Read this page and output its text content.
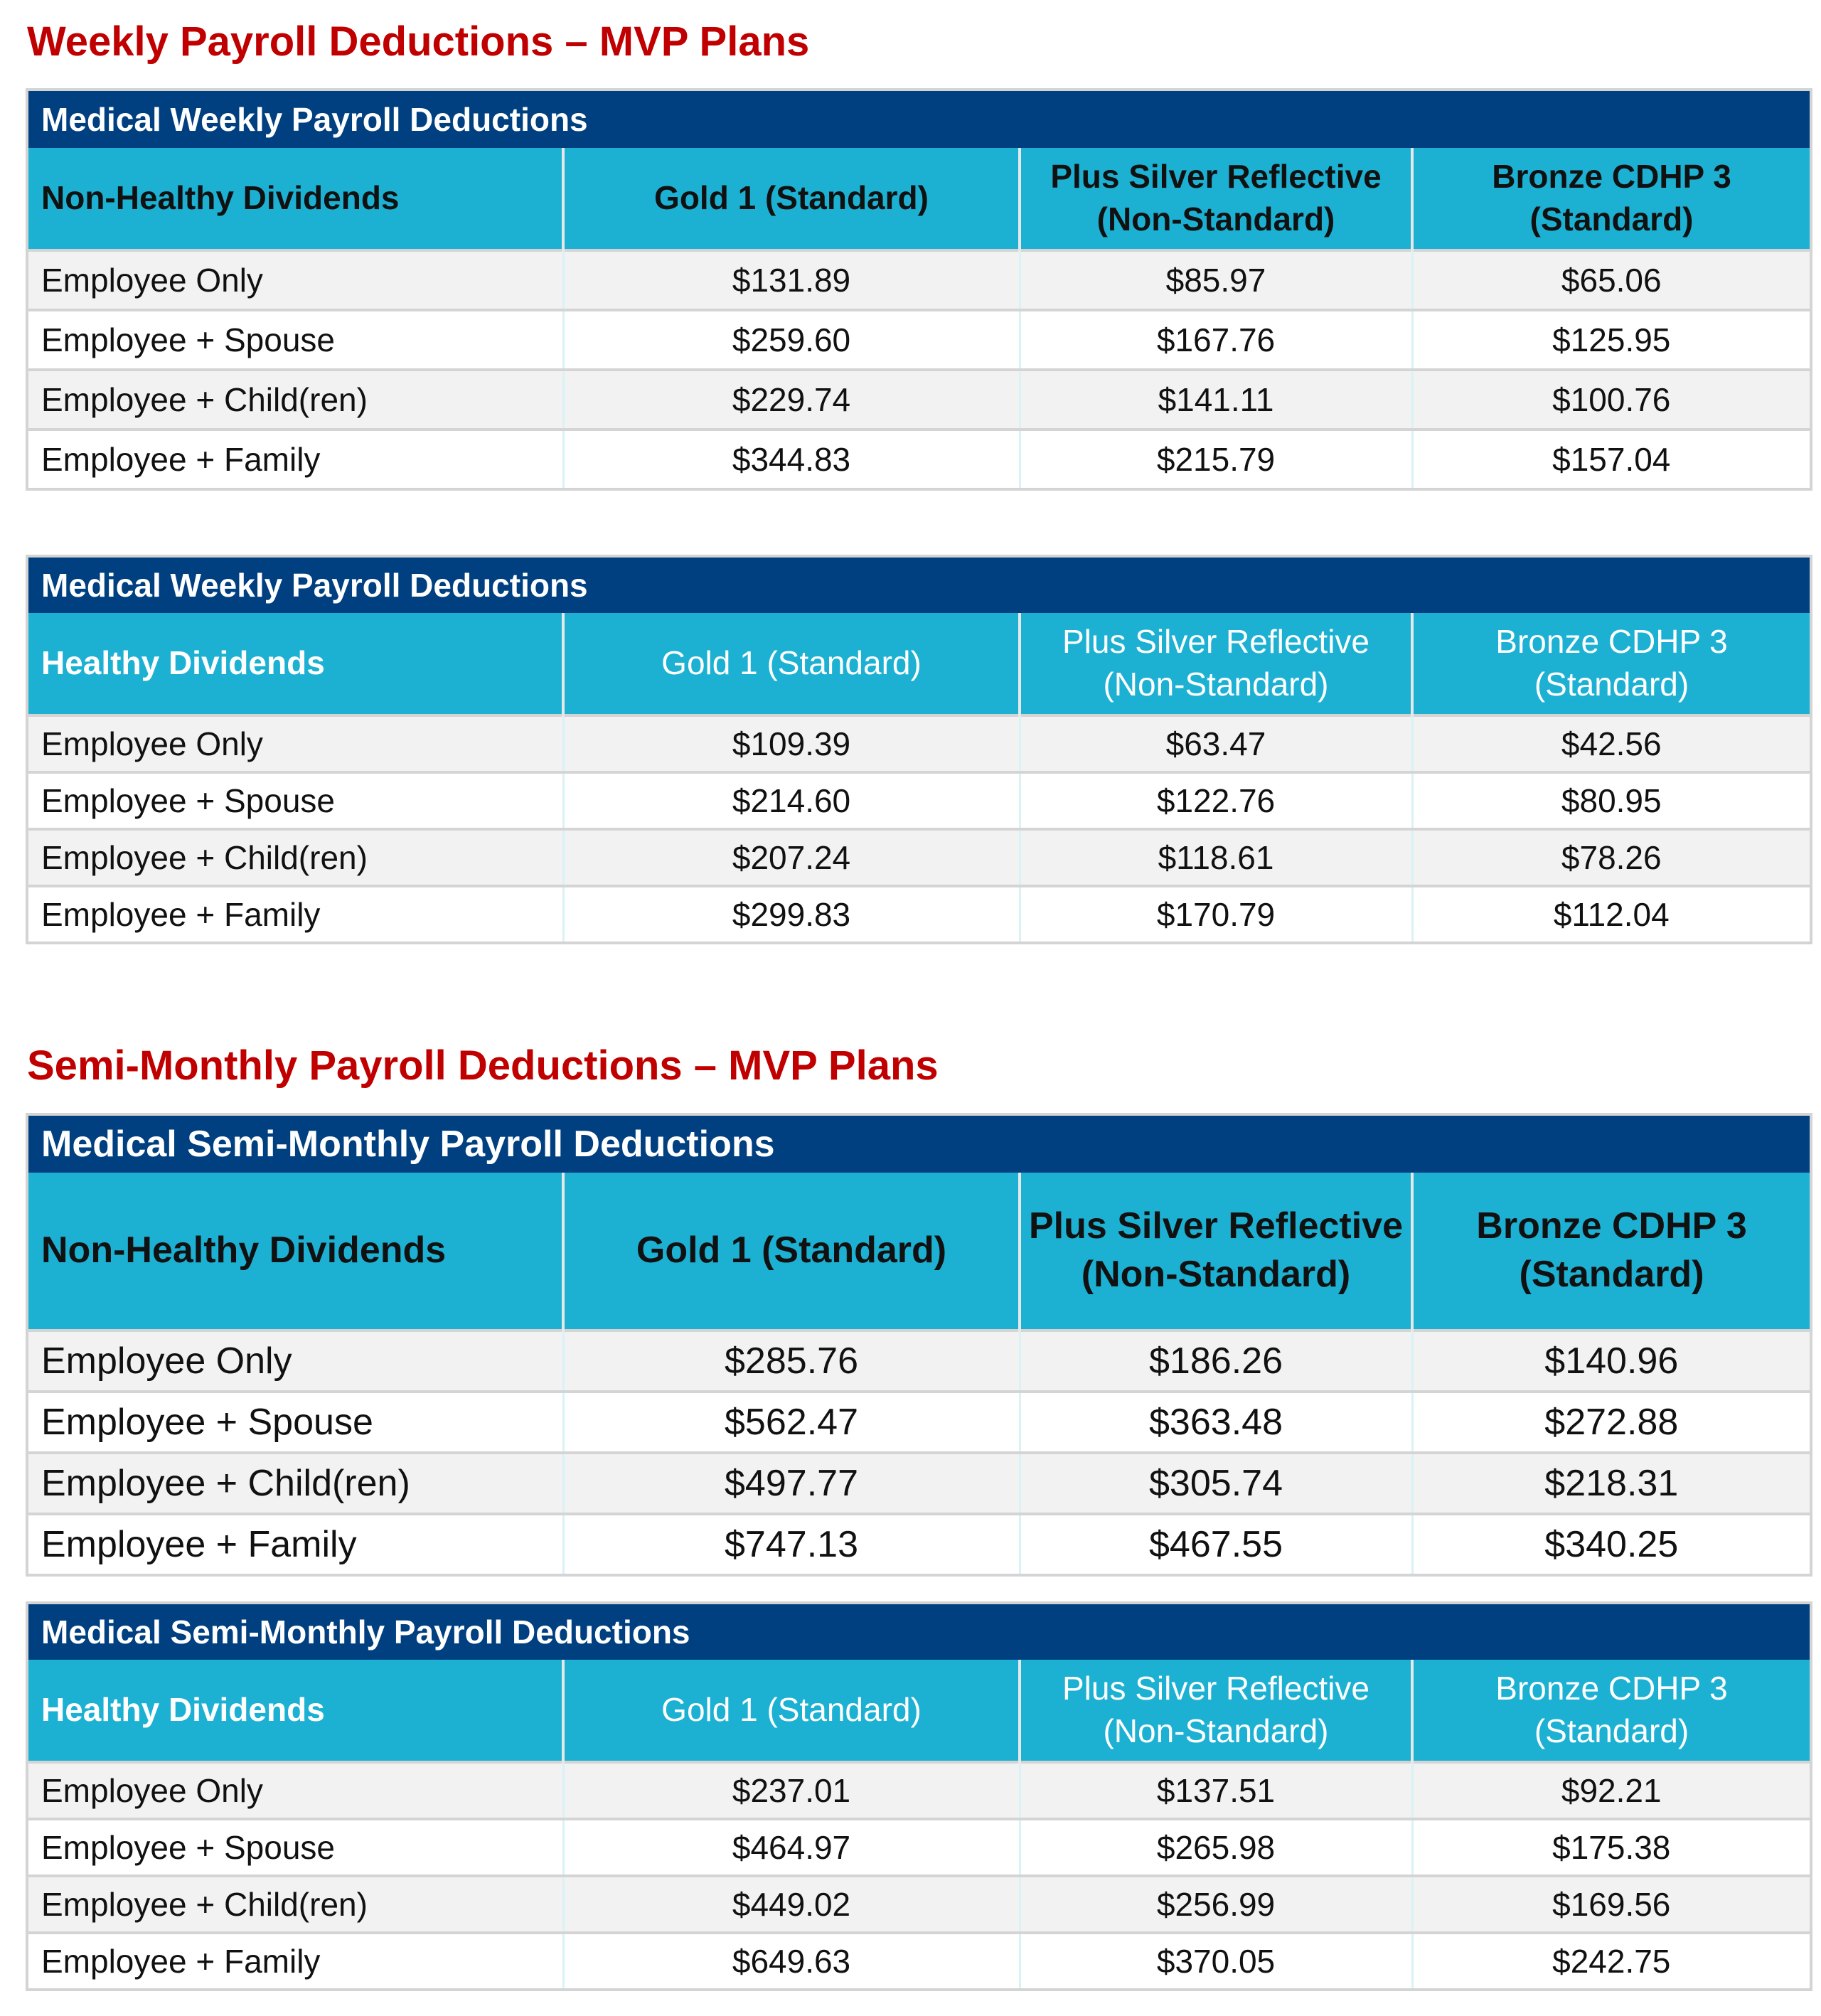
Weekly Payroll Deductions – MVP Plans
Medical Weekly Payroll Deductions			
Non-Healthy Dividends	Gold 1 (Standard)	Plus Silver Reflective (Non-Standard)	Bronze CDHP 3 (Standard)
Employee Only	$131.89	$85.97	$65.06
Employee + Spouse	$259.60	$167.76	$125.95
Employee + Child(ren)	$229.74	$141.11	$100.76
Employee + Family	$344.83	$215.79	$157.04
Medical Weekly Payroll Deductions			
Healthy Dividends	Gold 1 (Standard)	Plus Silver Reflective (Non-Standard)	Bronze CDHP 3 (Standard)
Employee Only	$109.39	$63.47	$42.56
Employee + Spouse	$214.60	$122.76	$80.95
Employee + Child(ren)	$207.24	$118.61	$78.26
Employee + Family	$299.83	$170.79	$112.04
Semi-Monthly Payroll Deductions – MVP Plans
Medical Semi-Monthly Payroll Deductions			
Non-Healthy Dividends	Gold 1 (Standard)	Plus Silver Reflective (Non-Standard)	Bronze CDHP 3 (Standard)
Employee Only	$285.76	$186.26	$140.96
Employee + Spouse	$562.47	$363.48	$272.88
Employee + Child(ren)	$497.77	$305.74	$218.31
Employee + Family	$747.13	$467.55	$340.25
Medical Semi-Monthly Payroll Deductions			
Healthy Dividends	Gold 1 (Standard)	Plus Silver Reflective (Non-Standard)	Bronze CDHP 3 (Standard)
Employee Only	$237.01	$137.51	$92.21
Employee + Spouse	$464.97	$265.98	$175.38
Employee + Child(ren)	$449.02	$256.99	$169.56
Employee + Family	$649.63	$370.05	$242.75
